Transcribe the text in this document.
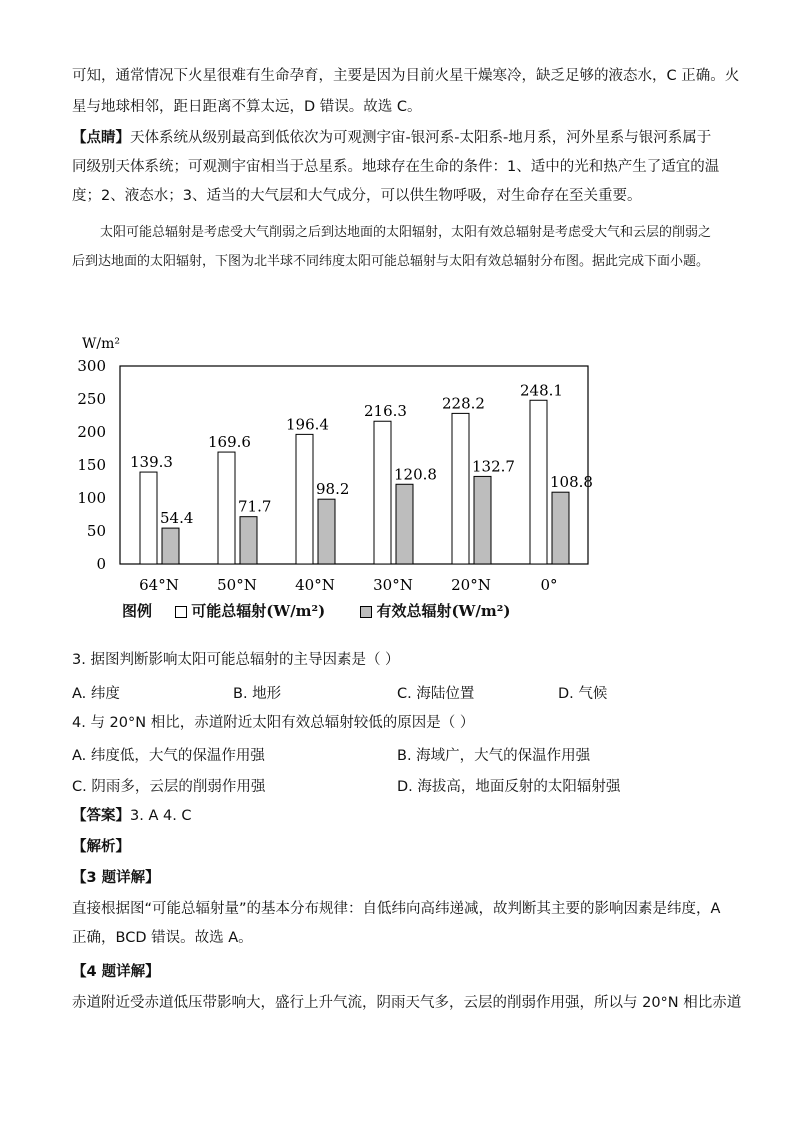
可知，通常情况下火星很难有生命孕育，主要是因为目前火星干燥寒冷，缺乏足够的液态水，C 正确。火
星与地球相邻，距日距离不算太远，D 错误。故选 C。
【点睛】天体系统从级别最高到低依次为可观测宇宙-银河系-太阳系-地月系，河外星系与银河系属于同级别天体系统；可观测宇宙相当于总星系。地球存在生命的条件：1、适中的光和热产生了适宜的温度；2、液态水；3、适当的大气层和大气成分，可以供生物呼吸，对生命存在至关重要。
太阳可能总辐射是考虑受大气削弱之后到达地面的太阳辐射，太阳有效总辐射是考虑受大气和云层的削弱之后到达地面的太阳辐射，下图为北半球不同纬度太阳可能总辐射与太阳有效总辐射分布图。据此完成下面小题。
W/m²
0
50
100
150
200
250
300
139.3
54.4
64°N
169.6
71.7
50°N
196.4
98.2
40°N
216.3
120.8
30°N
228.2
132.7
20°N
248.1
108.8
0°
图例	可能总辐射(W/m²)	有效总辐射(W/m²)
3. 据图判断影响太阳可能总辐射的主导因素是（ ）
A. 纬度	B. 地形	C. 海陆位置	D. 气候
4. 与 20°N 相比，赤道附近太阳有效总辐射较低的原因是（ ）
A. 纬度低，大气的保温作用强	B. 海域广，大气的保温作用强
C. 阴雨多，云层的削弱作用强	D. 海拔高，地面反射的太阳辐射强
【答案】3. A 4. C
【解析】
【3 题详解】
直接根据图“可能总辐射量”的基本分布规律：自低纬向高纬递减，故判断其主要的影响因素是纬度，A 正确，BCD 错误。故选 A。
【4 题详解】
赤道附近受赤道低压带影响大，盛行上升气流，阴雨天气多，云层的削弱作用强，所以与 20°N 相比赤道
